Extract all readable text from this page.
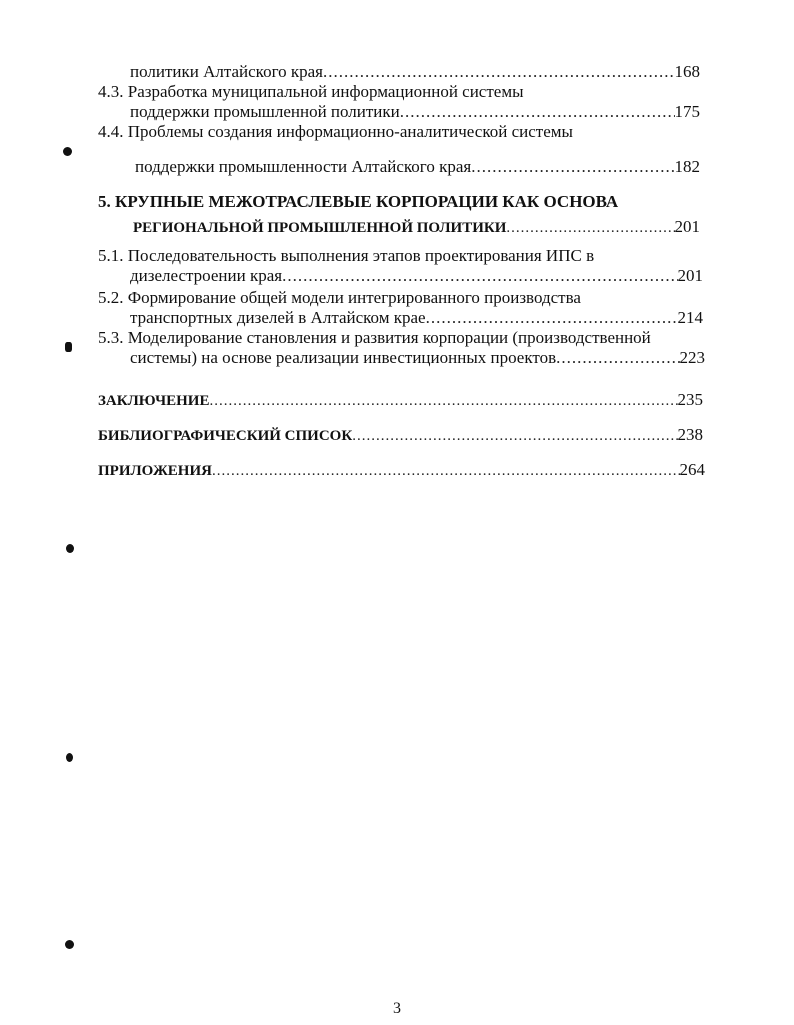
политики Алтайского края .....	168
4.3. Разработка муниципальной информационной системы
поддержки промышленной политики .....	175
4.4. Проблемы создания информационно-аналитической системы
поддержки промышленности Алтайского края .....	182
5. КРУПНЫЕ МЕЖОТРАСЛЕВЫЕ КОРПОРАЦИИ КАК ОСНОВА
РЕГИОНАЛЬНОЙ ПРОМЫШЛЕННОЙ ПОЛИТИКИ .....	201
5.1. Последовательность выполнения этапов проектирования ИПС в
дизелестроении края .....	201
5.2. Формирование общей модели интегрированного производства
транспортных дизелей в Алтайском крае .....	214
5.3. Моделирование становления и развития корпорации (производственной
системы) на основе реализации инвестиционных проектов .....	223
ЗАКЛЮЧЕНИЕ .....	235
БИБЛИОГРАФИЧЕСКИЙ СПИСОК .....	238
ПРИЛОЖЕНИЯ .....	264
3
